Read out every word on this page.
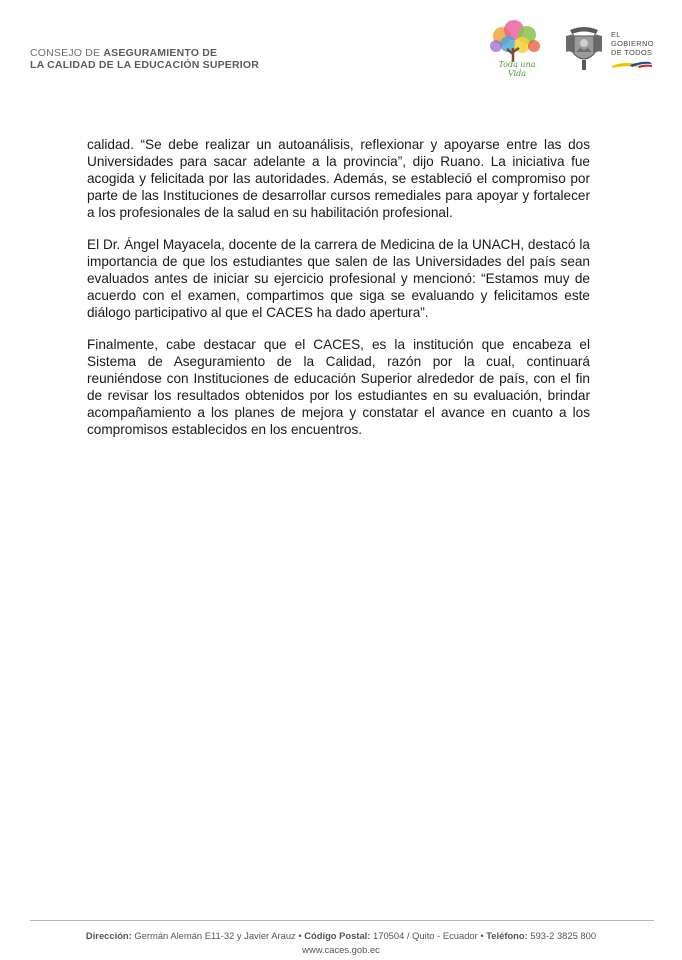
CONSEJO DE ASEGURAMIENTO DE
LA CALIDAD DE LA EDUCACIÓN SUPERIOR	Toda una Vida
EL
GOBIERNO
DE TODOS

calidad. “Se debe realizar un autoanálisis, reflexionar y apoyarse entre las dos Universidades para sacar adelante a la provincia”, dijo Ruano. La iniciativa fue acogida y felicitada por las autoridades. Además, se estableció el compromiso por parte de las Instituciones de desarrollar cursos remediales para apoyar y fortalecer a los profesionales de la salud en su habilitación profesional.

El Dr. Ángel Mayacela, docente de la carrera de Medicina de la UNACH, destacó la importancia de que los estudiantes que salen de las Universidades del país sean evaluados antes de iniciar su ejercicio profesional y mencionó: “Estamos muy de acuerdo con el examen, compartimos que siga se evaluando y felicitamos este diálogo participativo al que el CACES ha dado apertura”.

Finalmente, cabe destacar que el CACES, es la institución que encabeza el Sistema de Aseguramiento de la Calidad, razón por la cual, continuará reuniéndose con Instituciones de educación Superior alrededor de país, con el fin de revisar los resultados obtenidos por los estudiantes en su evaluación, brindar acompañamiento a los planes de mejora y constatar el avance en cuanto a los compromisos establecidos en los encuentros.

Dirección: Germán Alemán E11-32 y Javier Arauz • Código Postal: 170504 / Quito - Ecuador • Teléfono: 593-2 3825 800
www.caces.gob.ec
